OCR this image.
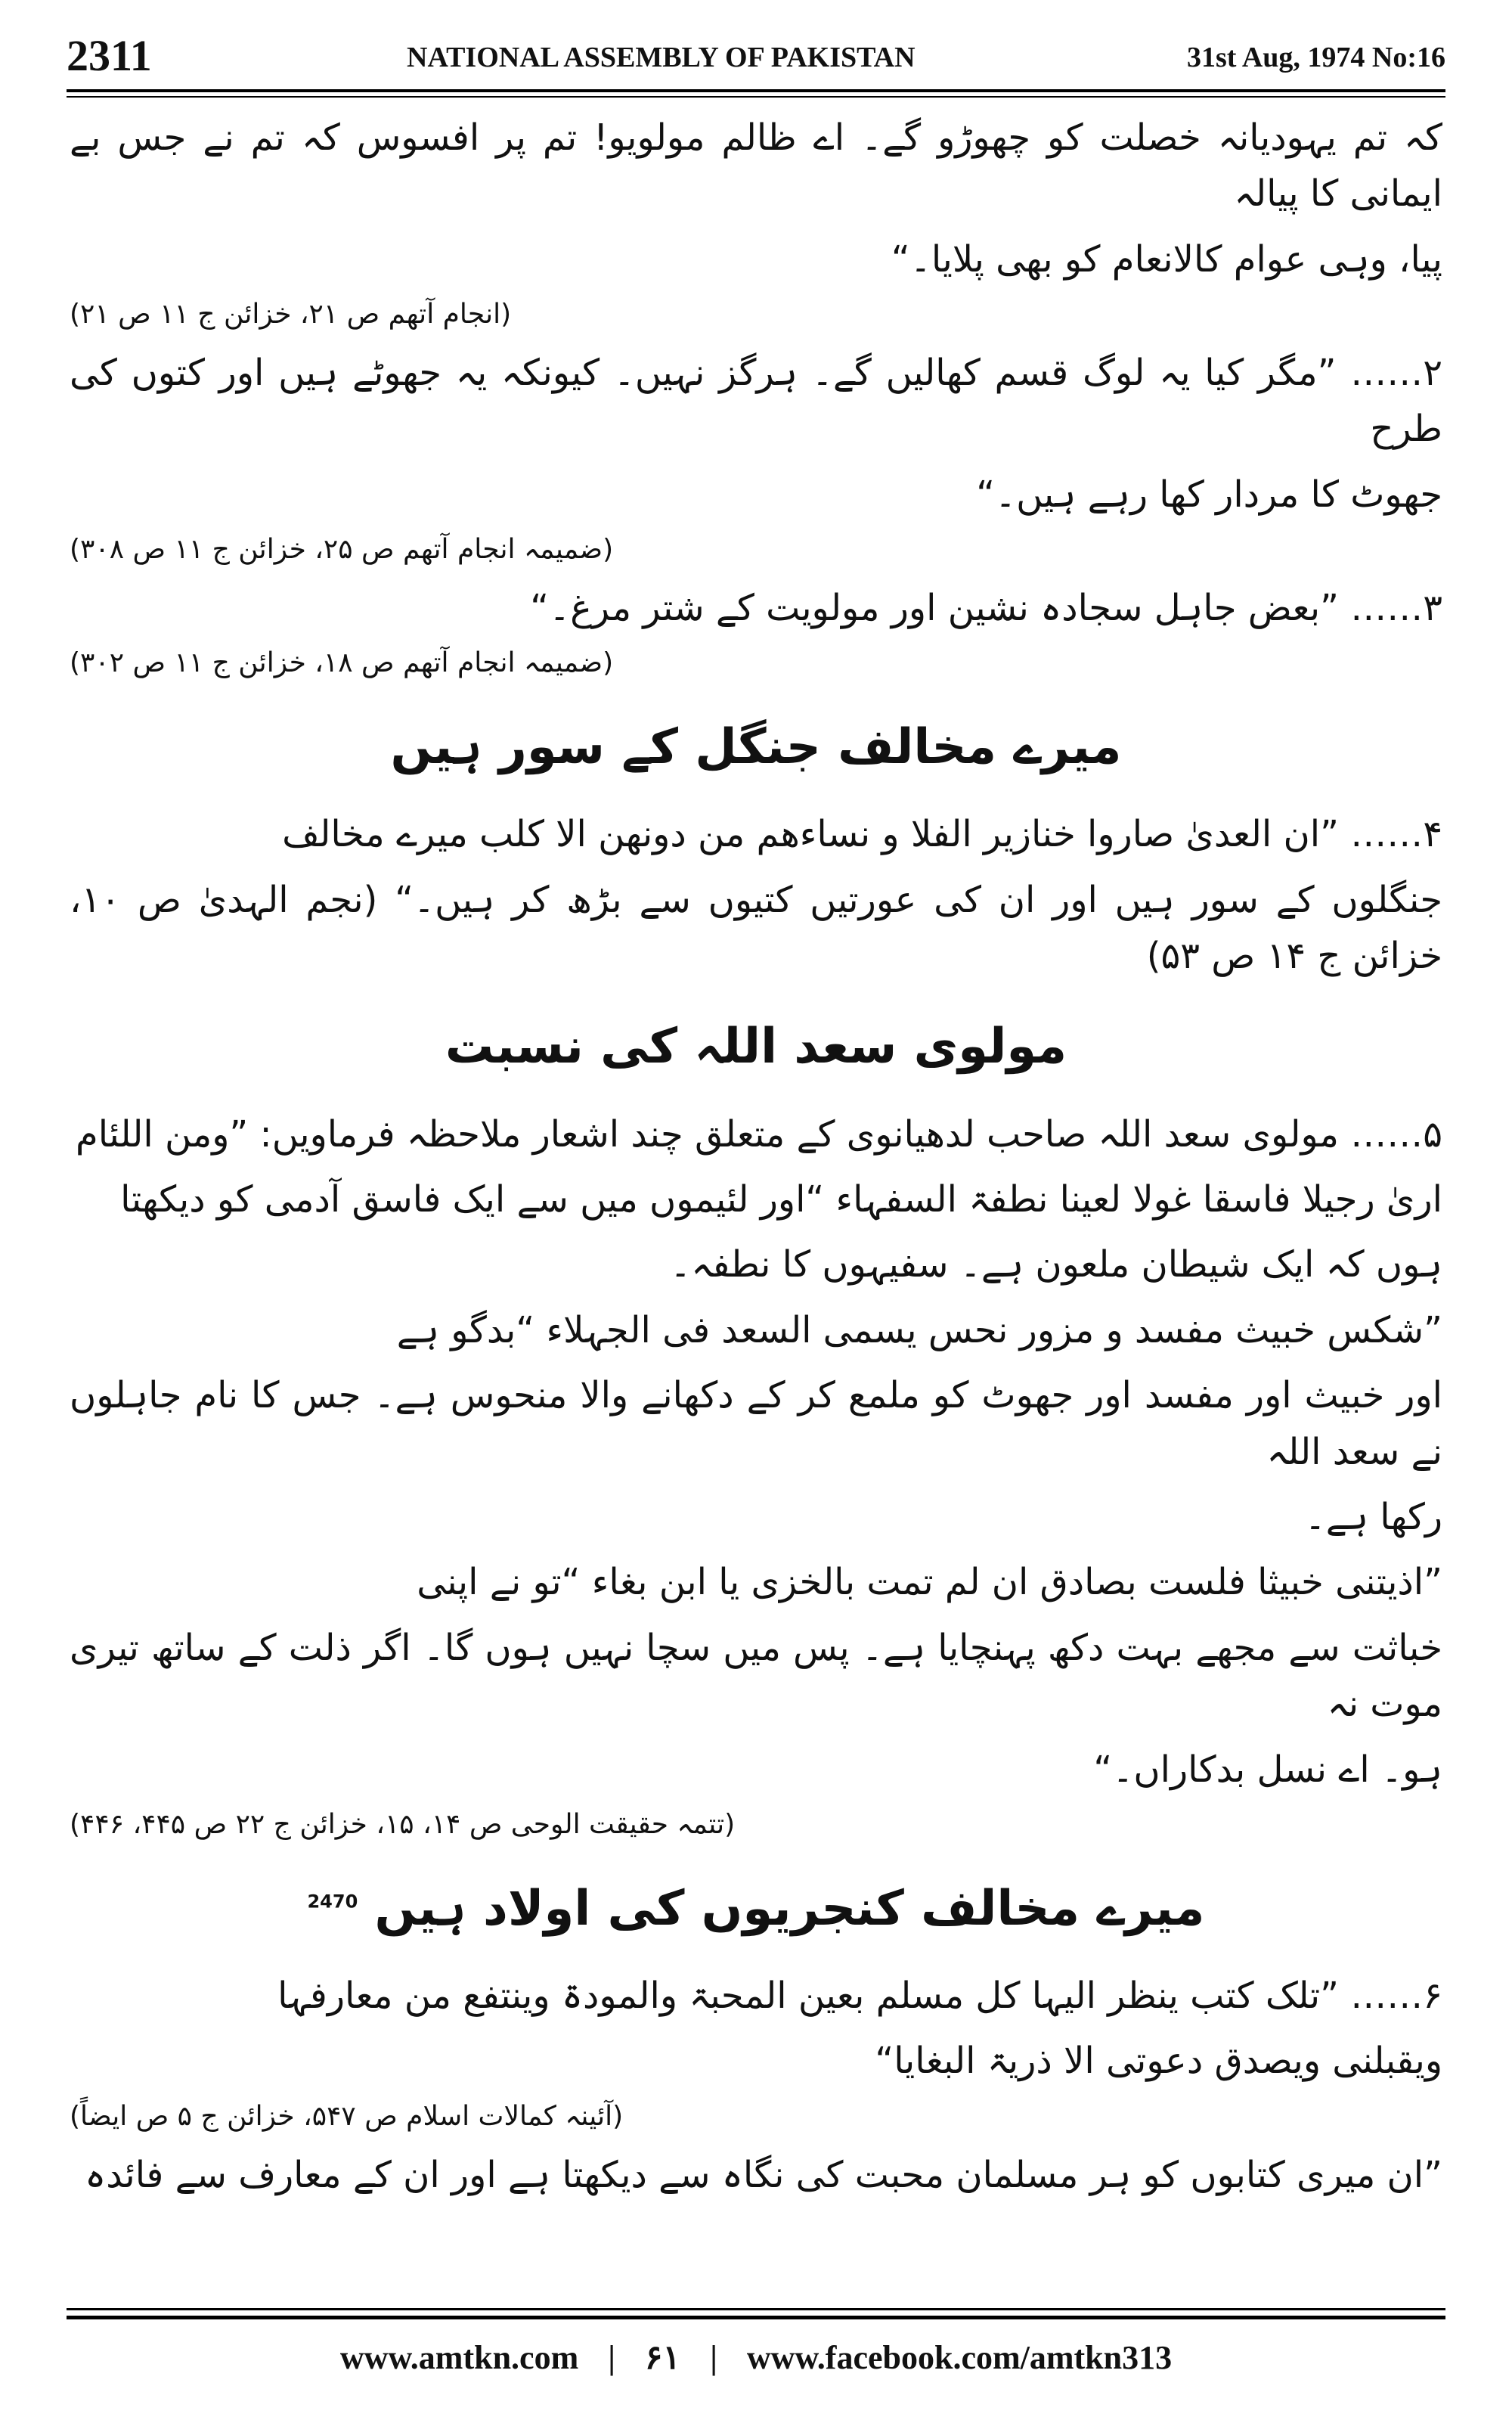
2311	NATIONAL ASSEMBLY OF PAKISTAN	31st Aug, 1974 No:16
کہ تم یہودیانہ خصلت کو چھوڑو گے۔ اے ظالم مولویو! تم پر افسوس کہ تم نے جس بے ایمانی کا پیالہ
پیا، وہی عوام کالانعام کو بھی پلایا۔“
(انجام آتھم ص ۲۱، خزائن ج ۱۱ ص ۲۱)
۲…… ”مگر کیا یہ لوگ قسم کھالیں گے۔ ہرگز نہیں۔ کیونکہ یہ جھوٹے ہیں اور کتوں کی طرح
جھوٹ کا مردار کھا رہے ہیں۔“
(ضمیمہ انجام آتھم ص ۲۵، خزائن ج ۱۱ ص ۳۰۸)
۳…… ”بعض جاہل سجادہ نشین اور مولویت کے شتر مرغ۔“
(ضمیمہ انجام آتھم ص ۱۸، خزائن ج ۱۱ ص ۳۰۲)
میرے مخالف جنگل کے سور ہیں
۴…… ”ان العدیٰ صاروا خنازیر الفلا و نساءھم من دونھن الا کلب میرے مخالف
جنگلوں کے سور ہیں اور ان کی عورتیں کتیوں سے بڑھ کر ہیں۔“ (نجم الہدیٰ ص ۱۰، خزائن ج ۱۴ ص ۵۳)
مولوی سعد اللہ کی نسبت
۵…… مولوی سعد اللہ صاحب لدھیانوی کے متعلق چند اشعار ملاحظہ فرماویں: ”ومن اللئام
اریٰ رجیلا فاسقا غولا لعینا نطفۃ السفہاء “اور لئیموں میں سے ایک فاسق آدمی کو دیکھتا
ہوں کہ ایک شیطان ملعون ہے۔ سفیہوں کا نطفہ۔
”شکس خبیث مفسد و مزور نحس یسمی السعد فی الجہلاء “بدگو ہے
اور خبیث اور مفسد اور جھوٹ کو ملمع کر کے دکھانے والا منحوس ہے۔ جس کا نام جاہلوں نے سعد اللہ
رکھا ہے۔
”اذیتنی خبیثا فلست بصادق ان لم تمت بالخزی یا ابن بغاء “تو نے اپنی
خباثت سے مجھے بہت دکھ پہنچایا ہے۔ پس میں سچا نہیں ہوں گا۔ اگر ذلت کے ساتھ تیری موت نہ
ہو۔ اے نسل بدکاراں۔“
(تتمہ حقیقت الوحی ص ۱۴، ۱۵، خزائن ج ۲۲ ص ۴۴۵، ۴۴۶)
میرے مخالف کنجریوں کی اولاد ہیں $^{2470}$
۶…… ”تلک کتب ینظر الیہا کل مسلم بعین المحبۃ والمودۃ وینتفع من معارفہا
ویقبلنی ویصدق دعوتی الا ذریۃ البغایا“
(آئینہ کمالات اسلام ص ۵۴۷، خزائن ج ۵ ص ایضاً)
”ان میری کتابوں کو ہر مسلمان محبت کی نگاہ سے دیکھتا ہے اور ان کے معارف سے فائدہ
www.amtkn.com | ۶۱ | www.facebook.com/amtkn313
